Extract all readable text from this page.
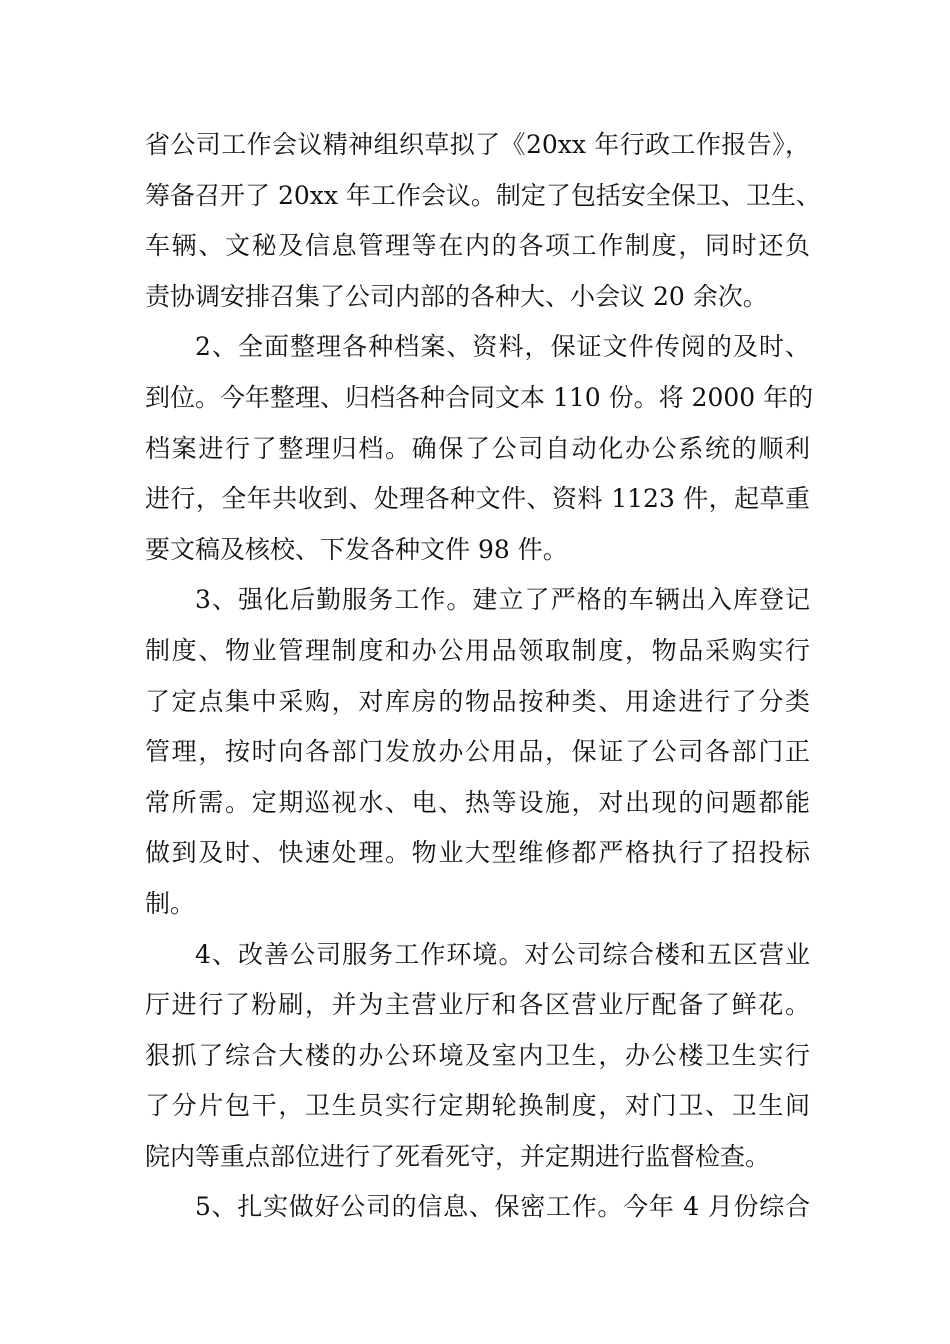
省公司工作会议精神组织草拟了《20xx 年行政工作报告》，
筹备召开了 20xx 年工作会议。制定了包括安全保卫、卫生、
车辆、文秘及信息管理等在内的各项工作制度，同时还负
责协调安排召集了公司内部的各种大、小会议 20 余次。
2、全面整理各种档案、资料，保证文件传阅的及时、
到位。今年整理、归档各种合同文本 110 份。将 2000 年的
档案进行了整理归档。确保了公司自动化办公系统的顺利
进行，全年共收到、处理各种文件、资料 1123 件，起草重
要文稿及核校、下发各种文件 98 件。
3、强化后勤服务工作。建立了严格的车辆出入库登记
制度、物业管理制度和办公用品领取制度，物品采购实行
了定点集中采购，对库房的物品按种类、用途进行了分类
管理，按时向各部门发放办公用品，保证了公司各部门正
常所需。定期巡视水、电、热等设施，对出现的问题都能
做到及时、快速处理。物业大型维修都严格执行了招投标
制。
4、改善公司服务工作环境。对公司综合楼和五区营业
厅进行了粉刷，并为主营业厅和各区营业厅配备了鲜花。
狠抓了综合大楼的办公环境及室内卫生，办公楼卫生实行
了分片包干，卫生员实行定期轮换制度，对门卫、卫生间
院内等重点部位进行了死看死守，并定期进行监督检查。
5、扎实做好公司的信息、保密工作。今年 4 月份综合
